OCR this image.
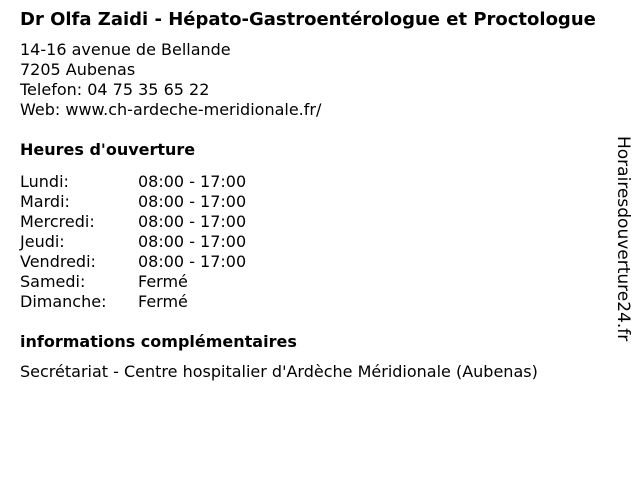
Dr Olfa Zaidi - Hépato-Gastroentérologue et Proctologue
14-16 avenue de Bellande
7205 Aubenas
Telefon: 04 75 35 65 22
Web: www.ch-ardeche-meridionale.fr/
Heures d'ouverture
Lundi:	08:00 - 17:00
Mardi:	08:00 - 17:00
Mercredi:	08:00 - 17:00
Jeudi:	08:00 - 17:00
Vendredi:	08:00 - 17:00
Samedi:	Fermé
Dimanche:	Fermé
informations complémentaires
Secrétariat - Centre hospitalier d'Ardèche Méridionale (Aubenas)
Horairesdouverture24.fr
